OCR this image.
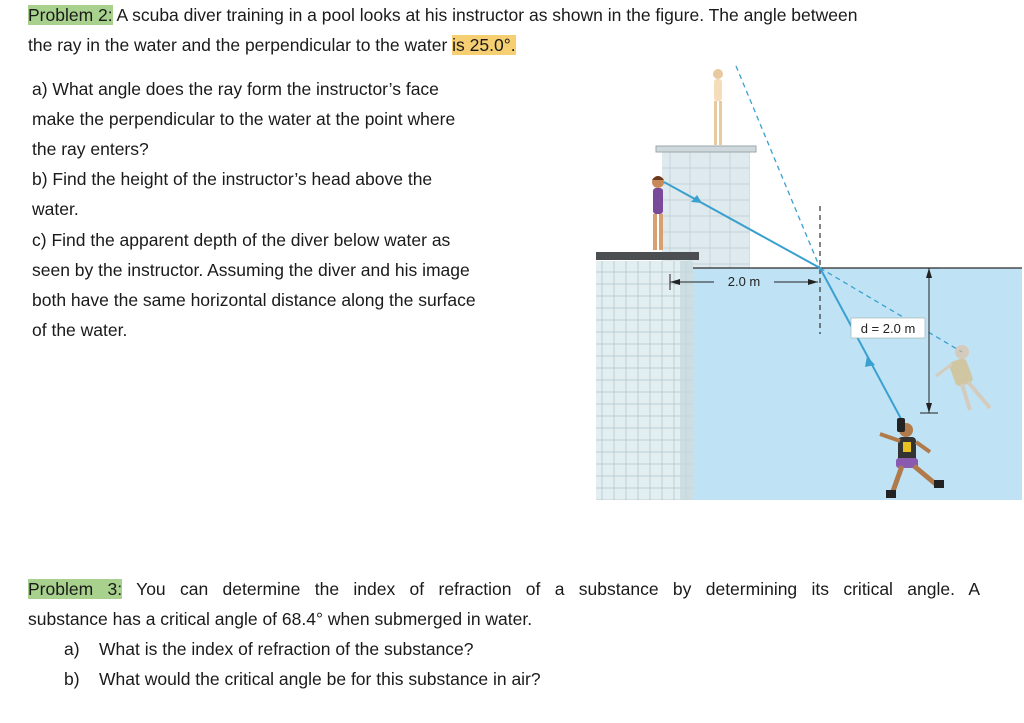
Problem 2: A scuba diver training in a pool looks at his instructor as shown in the figure. The angle between
the ray in the water and the perpendicular to the water is 25.0°.
a) What angle does the ray form the instructor’s face
make the perpendicular to the water at the point where
the ray enters?
b) Find the height of the instructor’s head above the
water.
c) Find the apparent depth of the diver below water as
seen by the instructor. Assuming the diver and his image
both have the same horizontal distance along the surface
of the water.
2.0 m
d = 2.0 m
Problem 3: You can determine the index of refraction of a substance by determining its critical angle. A
substance has a critical angle of 68.4° when submerged in water.
a) What is the index of refraction of the substance?
b) What would the critical angle be for this substance in air?
